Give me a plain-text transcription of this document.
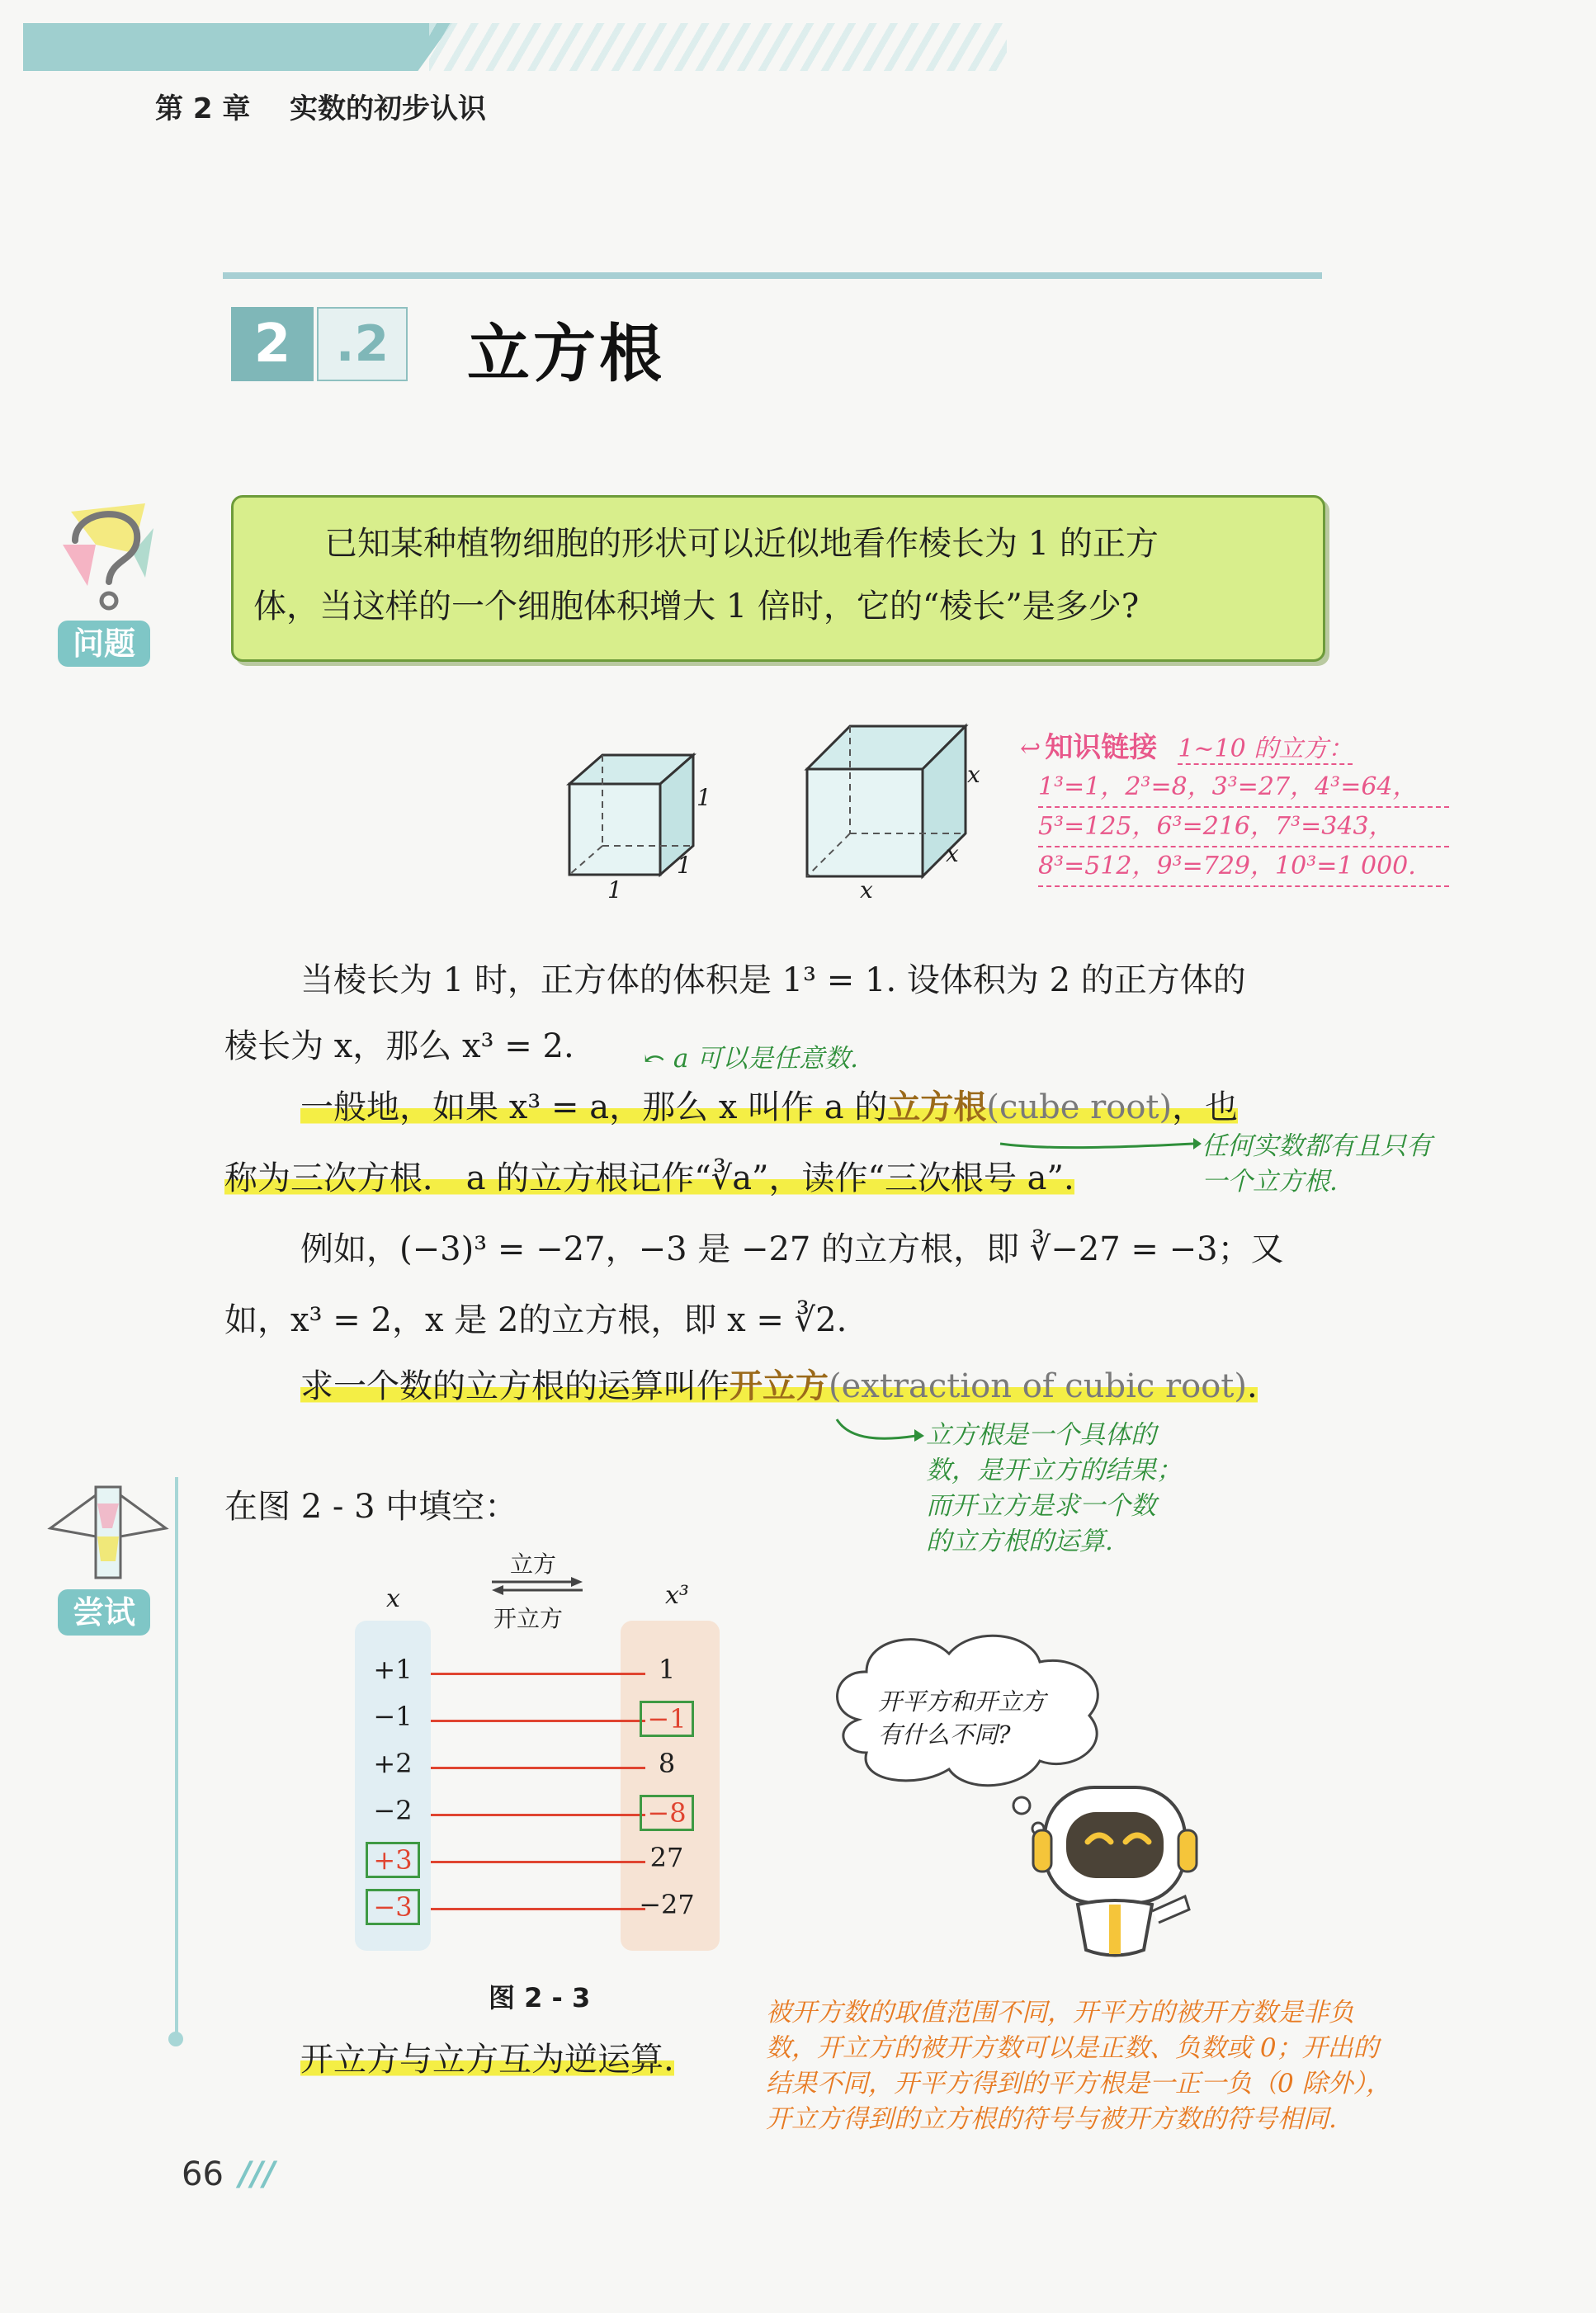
第 2 章 实数的初步认识
2 .2 立方根
问题
已知某种植物细胞的形状可以近似地看作棱长为 1 的正方
体，当这样的一个细胞体积增大 1 倍时，它的“棱长”是多少?
1
1
1
x
x
x
↩ 知识链接 1~10 的立方：
1³=1，2³=8，3³=27，4³=64，
5³=125，6³=216，7³=343，
8³=512，9³=729，10³=1 000.
当棱长为 1 时，正方体的体积是 1³ = 1. 设体积为 2 的正方体的
棱长为 x，那么 x³ = 2.	⤺ a 可以是任意数.
一般地，如果 x³ = a，那么 x 叫作 a 的立方根(cube root)，也
称为三次方根． a 的立方根记作“∛a”，读作“三次根号 a”.
任何实数都有且只有
一个立方根.
例如，(−3)³ = −27，−3 是 −27 的立方根，即 ∛−27 = −3；又
如，x³ = 2，x 是 2的立方根，即 x = ∛2.
求一个数的立方根的运算叫作开立方(extraction of cubic root).
立方根是一个具体的
数，是开立方的结果；
而开立方是求一个数
的立方根的运算.
尝试
在图 2 - 3 中填空：
x	x³
立方
开立方
+1	1
−1	−1
+2	8
−2	−8
+3	27
−3	−27
图 2 - 3
开平方和开立方
有什么不同?
开立方与立方互为逆运算.
被开方数的取值范围不同，开平方的被开方数是非负
数，开立方的被开方数可以是正数、负数或 0；开出的
结果不同，开平方得到的平方根是一正一负（0 除外），
开立方得到的立方根的符号与被开方数的符号相同.
66 ///
